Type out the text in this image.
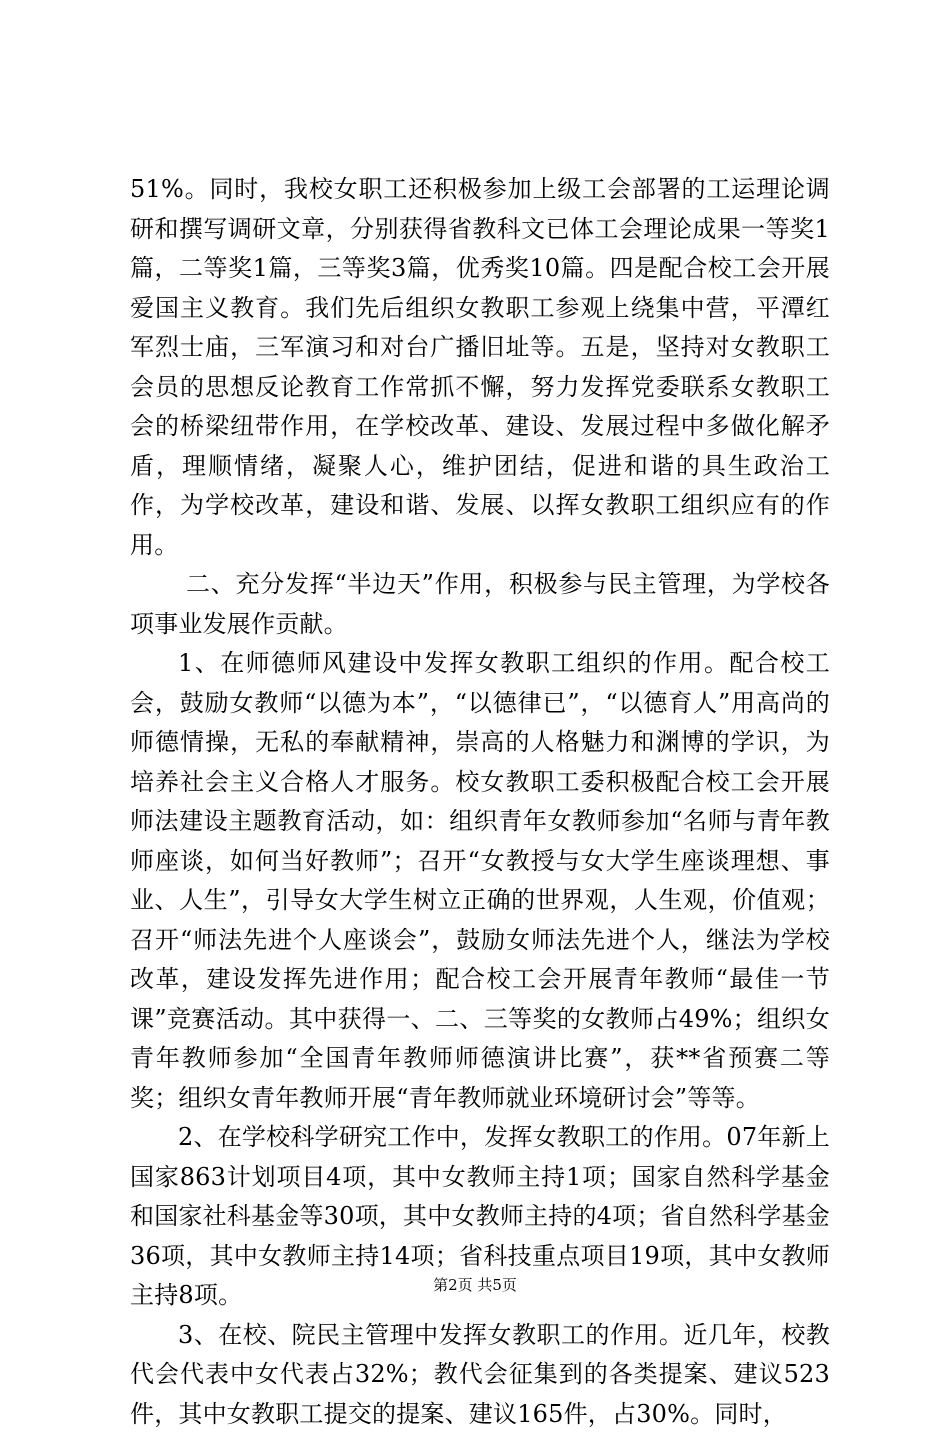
51%。同时，我校女职工还积极参加上级工会部署的工运理论调研和撰写调研文章，分别获得省教科文已体工会理论成果一等奖1篇，二等奖1篇，三等奖3篇，优秀奖10篇。四是配合校工会开展爱国主义教育。我们先后组织女教职工参观上绕集中营，平潭红军烈士庙，三军演习和对台广播旧址等。五是，坚持对女教职工会员的思想反论教育工作常抓不懈，努力发挥党委联系女教职工会的桥梁纽带作用，在学校改革、建设、发展过程中多做化解矛盾，理顺情绪，凝聚人心，维护团结，促进和谐的具生政治工作，为学校改革，建设和谐、发展、以挥女教职工组织应有的作用。

二、充分发挥“半边天”作用，积极参与民主管理，为学校各项事业发展作贡献。

1、在师德师风建设中发挥女教职工组织的作用。配合校工会，鼓励女教师“以德为本”，“以德律已”，“以德育人”用高尚的师德情操，无私的奉献精神，崇高的人格魅力和渊博的学识，为培养社会主义合格人才服务。校女教职工委积极配合校工会开展师法建设主题教育活动，如：组织青年女教师参加“名师与青年教师座谈，如何当好教师”；召开“女教授与女大学生座谈理想、事业、人生”，引导女大学生树立正确的世界观，人生观，价值观；召开“师法先进个人座谈会”，鼓励女师法先进个人，继法为学校改革，建设发挥先进作用；配合校工会开展青年教师“最佳一节课”竞赛活动。其中获得一、二、三等奖的女教师占49%；组织女青年教师参加“全国青年教师师德演讲比赛”，获**省预赛二等奖；组织女青年教师开展“青年教师就业环境研讨会”等等。

2、在学校科学研究工作中，发挥女教职工的作用。07年新上国家863计划项目4项，其中女教师主持1项；国家自然科学基金和国家社科基金等30项，其中女教师主持的4项；省自然科学基金36项，其中女教师主持14项；省科技重点项目19项，其中女教师主持8项。

3、在校、院民主管理中发挥女教职工的作用。近几年，校教代会代表中女代表占32%；教代会征集到的各类提案、建议523件，其中女教职工提交的提案、建议165件，占30%。同时，

第2页 共5页
